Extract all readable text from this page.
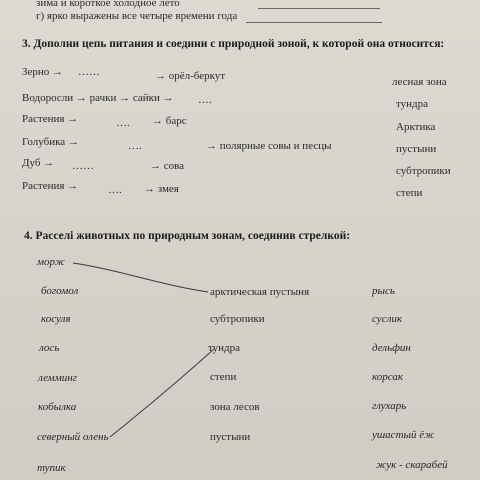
зима и короткое холодное лето
г) ярко выражены все четыре времени года
3. Дополни цепь питания и соедини с природной зоной, к которой она относится:
Зерно → ……	→ орёл-беркут
Водоросли → рачки → сайки → ….
Растения →	…. → барс
Голубика →	….	→ полярные совы и песцы
Дуб → ……	→ сова
Растения →	…. → змея
лесная зона
тундра
Арктика
пустыни
субтропики
степи
4. Расселі животных по природным зонам, соединив стрелкой:
морж
богомол
косуля
лось
лемминг
кобылка
северный олень
тупик
арктическая пустыня
субтропики
тундра
степи
зона лесов
пустыни
рысь
суслик
дельфин
корсак
глухарь
ушастый ёж
жук - скарабей
